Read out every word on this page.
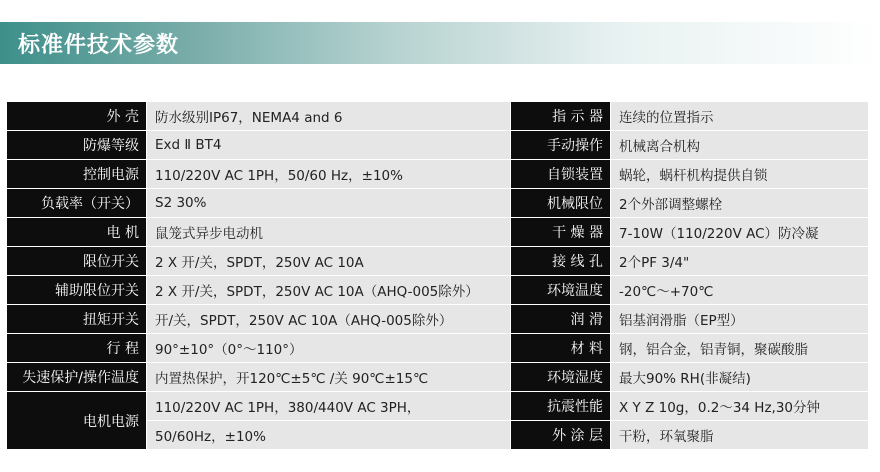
标准件技术参数
外 壳	防水级别IP67，NEMA4 and 6	指 示 器	连续的位置指示
防爆等级	Exd Ⅱ BT4	手动操作	机械离合机构
控制电源	110/220V AC 1PH，50/60 Hz，±10%	自锁装置	蜗轮，蜗杆机构提供自锁
负载率（开关）	S2 30%	机械限位	2个外部调整螺栓
电 机	鼠笼式异步电动机	干 燥 器	7-10W（110/220V AC）防冷凝
限位开关	2 X 开/关，SPDT，250V AC 10A	接 线 孔	2个PF 3/4"
辅助限位开关	2 X 开/关，SPDT，250V AC 10A（AHQ-005除外）	环境温度	-20℃～+70℃
扭矩开关	开/关，SPDT，250V AC 10A（AHQ-005除外）	润 滑	铝基润滑脂（EP型）
行 程	90°±10°（0°～110°）	材 料	钢，铝合金，铝青铜，聚碳酸脂
失速保护/操作温度	内置热保护，开120℃±5℃ /关 90℃±15℃	环境湿度	最大90% RH(非凝结)
电机电源	110/220V AC 1PH，380/440V AC 3PH，	抗震性能	X Y Z 10g，0.2～34 Hz,30分钟
	50/60Hz，±10%	外 涂 层	干粉，环氧聚脂
